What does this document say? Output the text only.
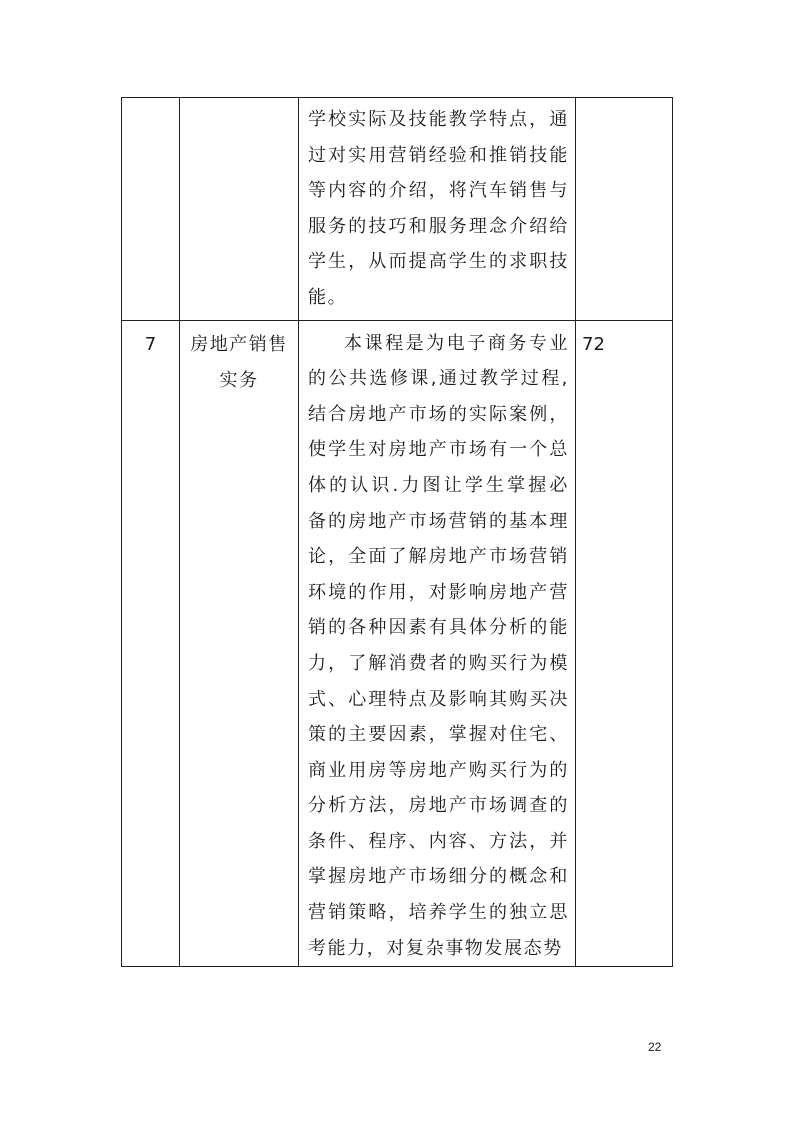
		学校实际及技能教学特点，通过对实用营销经验和推销技能等内容的介绍，将汽车销售与服务的技巧和服务理念介绍给学生，从而提高学生的求职技能。	

7	房地产销售实务	本课程是为电子商务专业的公共选修课,通过教学过程,结合房地产市场的实际案例，使学生对房地产市场有一个总体的认识.力图让学生掌握必备的房地产市场营销的基本理论，全面了解房地产市场营销环境的作用，对影响房地产营销的各种因素有具体分析的能力，了解消费者的购买行为模式、心理特点及影响其购买决策的主要因素，掌握对住宅、商业用房等房地产购买行为的分析方法，房地产市场调查的条件、程序、内容、方法，并掌握房地产市场细分的概念和营销策略，培养学生的独立思考能力，对复杂事物发展态势	72
22
